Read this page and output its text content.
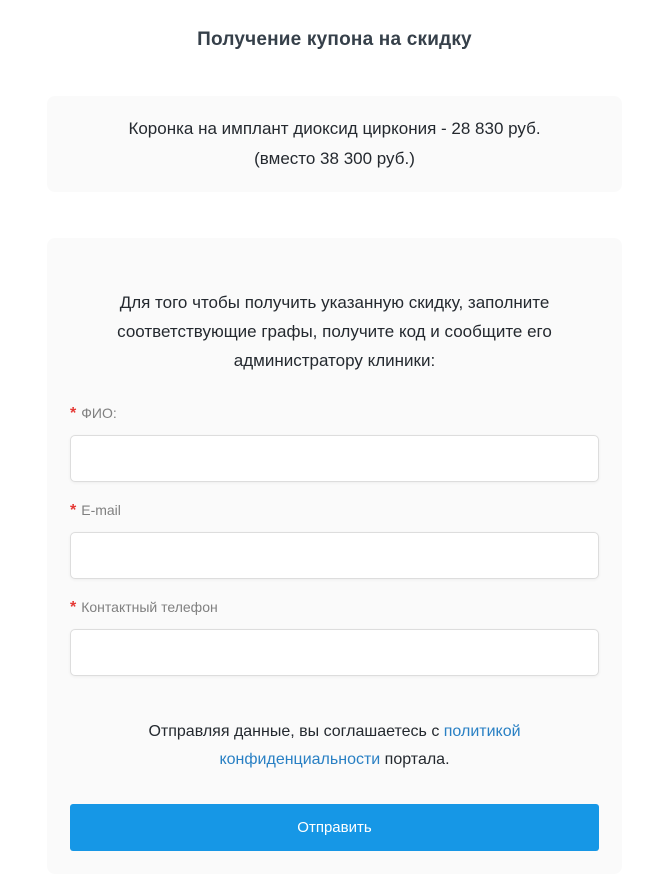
Получение купона на скидку

Коронка на имплант диоксид циркония - 28 830 руб.

(вместо 38 300 руб.)

Для того чтобы получить указанную скидку, заполните соответствующие графы, получите код и сообщите его администратору клиники:

* ФИО:
* E-mail
* Контактный телефон

Отправляя данные, вы соглашаетесь с политикой конфиденциальности портала.

Отправить
